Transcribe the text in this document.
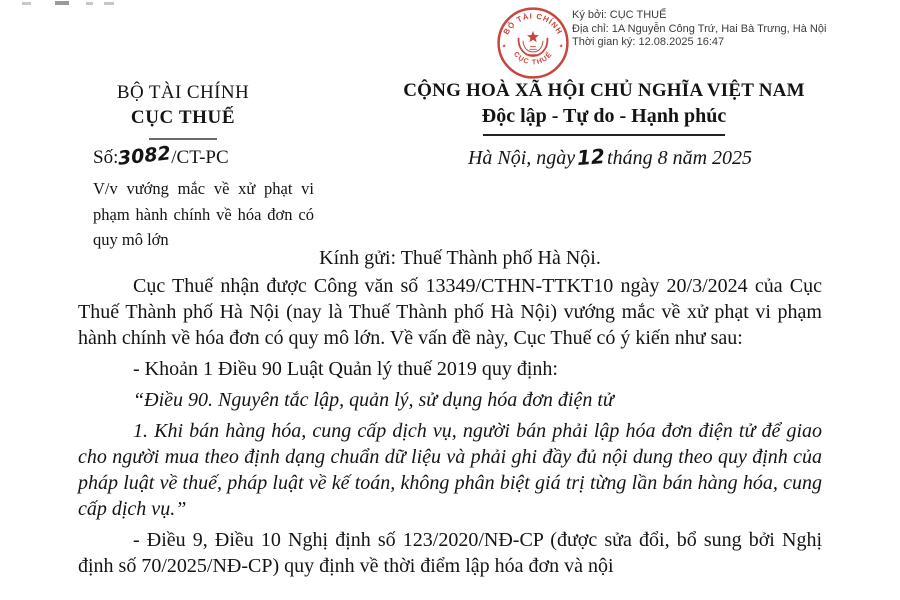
BỘ TÀI CHÍNH
CỤC THUẾ
★	★
Ký bởi: CỤC THUẾ
Địa chỉ: 1A Nguyễn Công Trứ, Hai Bà Trưng, Hà Nội
Thời gian ký: 12.08.2025 16:47
BỘ TÀI CHÍNH
CỤC THUẾ
CỘNG HOÀ XÃ HỘI CHỦ NGHĨA VIỆT NAM
Độc lập - Tự do - Hạnh phúc
Số:3082/CT-PC	Hà Nội, ngày12tháng 8 năm 2025
V/v vướng mắc về xử phạt vi phạm hành chính về hóa đơn có quy mô lớn
Kính gửi: Thuế Thành phố Hà Nội.

Cục Thuế nhận được Công văn số 13349/CTHN-TTKT10 ngày 20/3/2024 của Cục Thuế Thành phố Hà Nội (nay là Thuế Thành phố Hà Nội) vướng mắc về xử phạt vi phạm hành chính về hóa đơn có quy mô lớn. Về vấn đề này, Cục Thuế có ý kiến như sau:

- Khoản 1 Điều 90 Luật Quản lý thuế 2019 quy định:

“Điều 90. Nguyên tắc lập, quản lý, sử dụng hóa đơn điện tử

1. Khi bán hàng hóa, cung cấp dịch vụ, người bán phải lập hóa đơn điện tử để giao cho người mua theo định dạng chuẩn dữ liệu và phải ghi đầy đủ nội dung theo quy định của pháp luật về thuế, pháp luật về kế toán, không phân biệt giá trị từng lần bán hàng hóa, cung cấp dịch vụ.”

- Điều 9, Điều 10 Nghị định số 123/2020/NĐ-CP (được sửa đổi, bổ sung bởi Nghị định số 70/2025/NĐ-CP) quy định về thời điểm lập hóa đơn và nội
